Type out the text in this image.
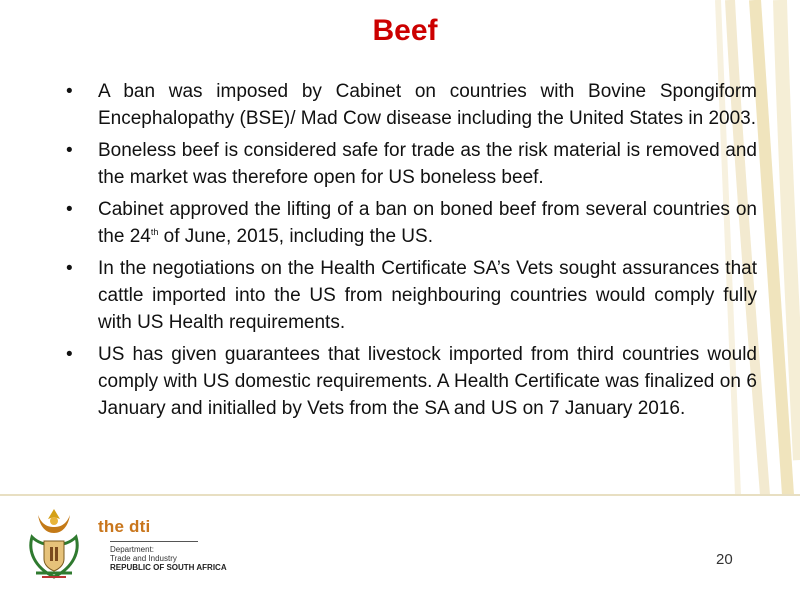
Beef
• A ban was imposed by Cabinet on countries with Bovine Spongiform Encephalopathy (BSE)/ Mad Cow disease including the United States in 2003.
• Boneless beef is considered safe for trade as the risk material is removed and the market was therefore open for US boneless beef.
• Cabinet approved the lifting of a ban on boned beef from several countries on the 24th of June, 2015, including the US.
• In the negotiations on the Health Certificate SA’s Vets sought assurances that cattle imported into the US from neighbouring countries would comply fully with US Health requirements.
• US has given guarantees that livestock imported from third countries would comply with US domestic requirements. A Health Certificate was finalized on 6 January and initialled by Vets from the SA and US on 7 January 2016.
the dti
Department:
Trade and Industry
REPUBLIC OF SOUTH AFRICA	20
